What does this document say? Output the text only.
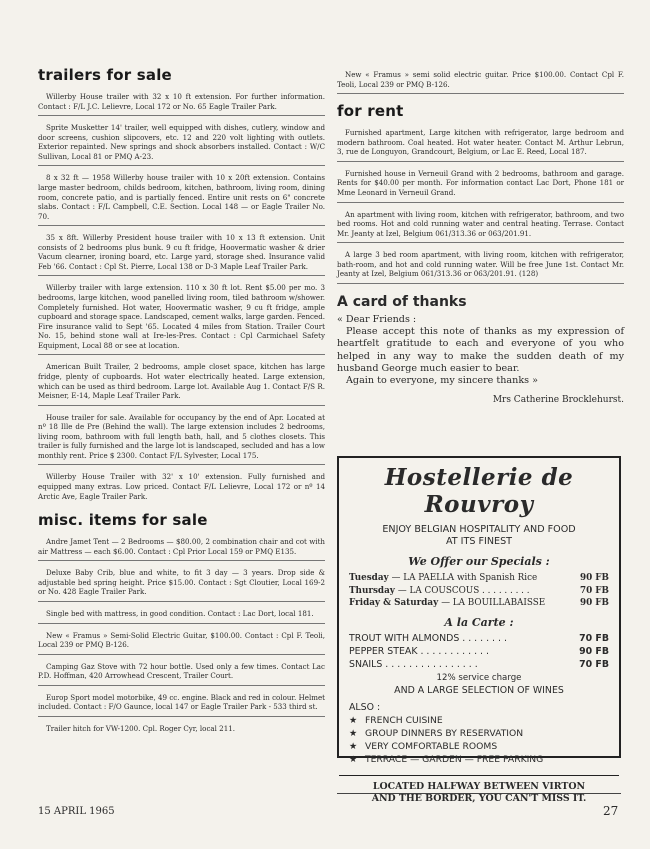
trailers for sale
Willerby House trailer with 32 x 10 ft extension. For further information. Contact : F/L J.C. Lelievre, Local 172 or No. 65 Eagle Trailer Park.
Sprite Musketter 14' trailer, well equipped with dishes, cutlery, window and door screens, cushion slipcovers, etc. 12 and 220 volt lighting with outlets. Exterior repainted. New springs and shock absorbers installed. Contact : W/C Sullivan, Local 81 or PMQ A-23.
8 x 32 ft — 1958 Willerby house trailer with 10 x 20ft extension. Contains large master bedroom, childs bedroom, kitchen, bathroom, living room, dining room, concrete patio, and is partially fenced. Entire unit rests on 6" concrete slabs. Contact : F/L Campbell, C.E. Section. Local 148 — or Eagle Trailer No. 70.
35 x 8ft. Willerby President house trailer with 10 x 13 ft extension. Unit consists of 2 bedrooms plus bunk. 9 cu ft fridge, Hoovermatic washer & drier Vacum clearner, ironing board, etc. Large yard, storage shed. Insurance valid Feb '66. Contact : Cpl St. Pierre, Local 138 or D-3 Maple Leaf Trailer Park.
Willerby trailer with large extension. 110 x 30 ft lot. Rent $5.00 per mo. 3 bedrooms, large kitchen, wood panelled living room, tiled bathroom w/shower. Completely furnished. Hot water, Hoovermatic washer, 9 cu ft fridge, ample cupboard and storage space. Landscaped, cement walks, large garden. Fenced. Fire insurance valid to Sept '65. Located 4 miles from Station. Trailer Court No. 15, behind stone wall at Ire-les-Pres. Contact : Cpl Carmichael Safety Equipment, Local 88 or see at location.
American Built Trailer, 2 bedrooms, ample closet space, kitchen has large fridge, plenty of cupboards. Hot water electrically heated. Large extension, which can be used as third bedroom. Large lot. Available Aug 1. Contact F/S R. Meisner, E-14, Maple Leaf Trailer Park.
House trailer for sale. Available for occupancy by the end of Apr. Located at nº 18 Ille de Pre (Behind the wall). The large extension includes 2 bedrooms, living room, bathroom with full length bath, hall, and 5 clothes closets. This trailer is fully furnished and the large lot is landscaped, secluded and has a low monthly rent. Price $ 2300. Contact F/L Sylvester, Local 175.
Willerby House Trailer with 32' x 10' extension. Fully furnished and equipped many extras. Low priced. Contact F/L Lelievre, Local 172 or nº 14 Arctic Ave, Eagle Trailer Park.
misc. items for sale
Andre Jamet Tent — 2 Bedrooms — $80.00, 2 combination chair and cot with air Mattress — each $6.00. Contact : Cpl Prior Local 159 or PMQ E135.
Deluxe Baby Crib, blue and white, to fit 3 day — 3 years. Drop side & adjustable bed spring height. Price $15.00. Contact : Sgt Cloutier, Local 169-2 or No. 428 Eagle Trailer Park.
Single bed with mattress, in good condition. Contact : Lac Dort, local 181.
New « Framus » Semi-Solid Electric Guitar, $100.00. Contact : Cpl F. Teoli, Local 239 or PMQ B-126.
Camping Gaz Stove with 72 hour bottle. Used only a few times. Contact Lac P.D. Hoffman, 420 Arrowhead Crescent, Trailer Court.
Europ Sport model motorbike, 49 cc. engine. Black and red in colour. Helmet included. Contact : F/O Gaunce, local 147 or Eagle Trailer Park - 533 third st.
Trailer hitch for VW-1200. Cpl. Roger Cyr, local 211.
New « Framus » semi solid electric guitar. Price $100.00. Contact Cpl F. Teoli, Local 239 or PMQ B-126.
for rent
Furnished apartment, Large kitchen with refrigerator, large bedroom and modern bathroom. Coal heated. Hot water heater. Contact M. Arthur Lebrun, 3, rue de Longuyon, Grandcourt, Belgium, or Lac E. Reed, Local 187.
Furnished house in Verneuil Grand with 2 bedrooms, bathroom and garage. Rents for $40.00 per month. For information contact Lac Dort, Phone 181 or Mme Leonard in Verneuil Grand.
An apartment with living room, kitchen with refrigerator, bathroom, and two bed rooms. Hot and cold running water and central heating. Terrase. Contact Mr. Jeanty at Izel, Belgium 061/313.36 or 063/201.91.
A large 3 bed room apartment, with living room, kitchen with refrigerator, bath-room, and hot and cold running water. Will be free June 1st. Contact Mr. Jeanty at Izel, Belgium 061/313.36 or 063/201.91. (128)
A card of thanks

« Dear Friends :

Please accept this note of thanks as my expression of heartfelt gratitude to each and everyone of you who helped in any way to make the sudden death of my husband George much easier to bear.

Again to everyone, my sincere thanks »

Mrs Catherine Brocklehurst.
Hostellerie de Rouvroy
ENJOY BELGIAN HOSPITALITY AND FOOD
AT ITS FINEST
We Offer our Specials :
Tuesday — LA PAELLA with Spanish Rice	90 FB
Thursday — LA COUSCOUS . . . . . . . . .	70 FB
Friday & Saturday — LA BOUILLABAISSE	90 FB
A la Carte :
TROUT WITH ALMONDS . . . . . . . .	70 FB
PEPPER STEAK . . . . . . . . . . . .	90 FB
SNAILS . . . . . . . . . . . . . . . .	70 FB
12% service charge
AND A LARGE SELECTION OF WINES
ALSO :
★ FRENCH CUISINE
★ GROUP DINNERS BY RESERVATION
★ VERY COMFORTABLE ROOMS
★ TERRACE — GARDEN — FREE PARKING
LOCATED HALFWAY BETWEEN VIRTON
AND THE BORDER, YOU CAN'T MISS IT.
15 APRIL 1965	27
